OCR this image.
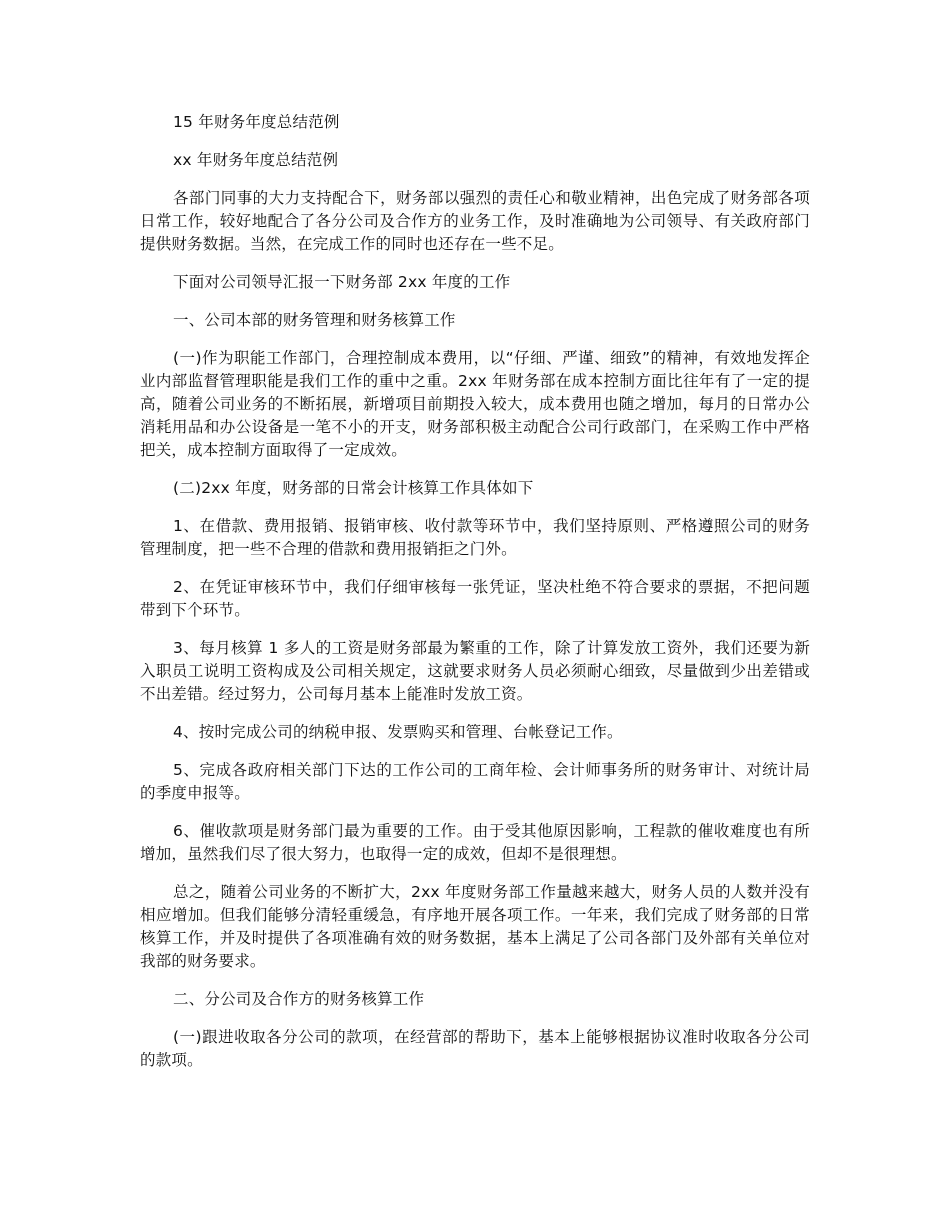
15 年财务年度总结范例

xx 年财务年度总结范例

各部门同事的大力支持配合下，财务部以强烈的责任心和敬业精神，出色完成了财务部各项日常工作，较好地配合了各分公司及合作方的业务工作，及时准确地为公司领导、有关政府部门提供财务数据。当然，在完成工作的同时也还存在一些不足。

下面对公司领导汇报一下财务部 2xx 年度的工作

一、公司本部的财务管理和财务核算工作

(一)作为职能工作部门，合理控制成本费用，以“仔细、严谨、细致”的精神，有效地发挥企业内部监督管理职能是我们工作的重中之重。2xx 年财务部在成本控制方面比往年有了一定的提高，随着公司业务的不断拓展，新增项目前期投入较大，成本费用也随之增加，每月的日常办公消耗用品和办公设备是一笔不小的开支，财务部积极主动配合公司行政部门，在采购工作中严格把关，成本控制方面取得了一定成效。

(二)2xx 年度，财务部的日常会计核算工作具体如下

1、在借款、费用报销、报销审核、收付款等环节中，我们坚持原则、严格遵照公司的财务管理制度，把一些不合理的借款和费用报销拒之门外。

2、在凭证审核环节中，我们仔细审核每一张凭证，坚决杜绝不符合要求的票据，不把问题带到下个环节。

3、每月核算 1 多人的工资是财务部最为繁重的工作，除了计算发放工资外，我们还要为新入职员工说明工资构成及公司相关规定，这就要求财务人员必须耐心细致，尽量做到少出差错或不出差错。经过努力，公司每月基本上能准时发放工资。

4、按时完成公司的纳税申报、发票购买和管理、台帐登记工作。

5、完成各政府相关部门下达的工作公司的工商年检、会计师事务所的财务审计、对统计局的季度申报等。

6、催收款项是财务部门最为重要的工作。由于受其他原因影响，工程款的催收难度也有所增加，虽然我们尽了很大努力，也取得一定的成效，但却不是很理想。

总之，随着公司业务的不断扩大，2xx 年度财务部工作量越来越大，财务人员的人数并没有相应增加。但我们能够分清轻重缓急，有序地开展各项工作。一年来，我们完成了财务部的日常核算工作，并及时提供了各项准确有效的财务数据，基本上满足了公司各部门及外部有关单位对我部的财务要求。

二、分公司及合作方的财务核算工作

(一)跟进收取各分公司的款项，在经营部的帮助下，基本上能够根据协议准时收取各分公司的款项。
